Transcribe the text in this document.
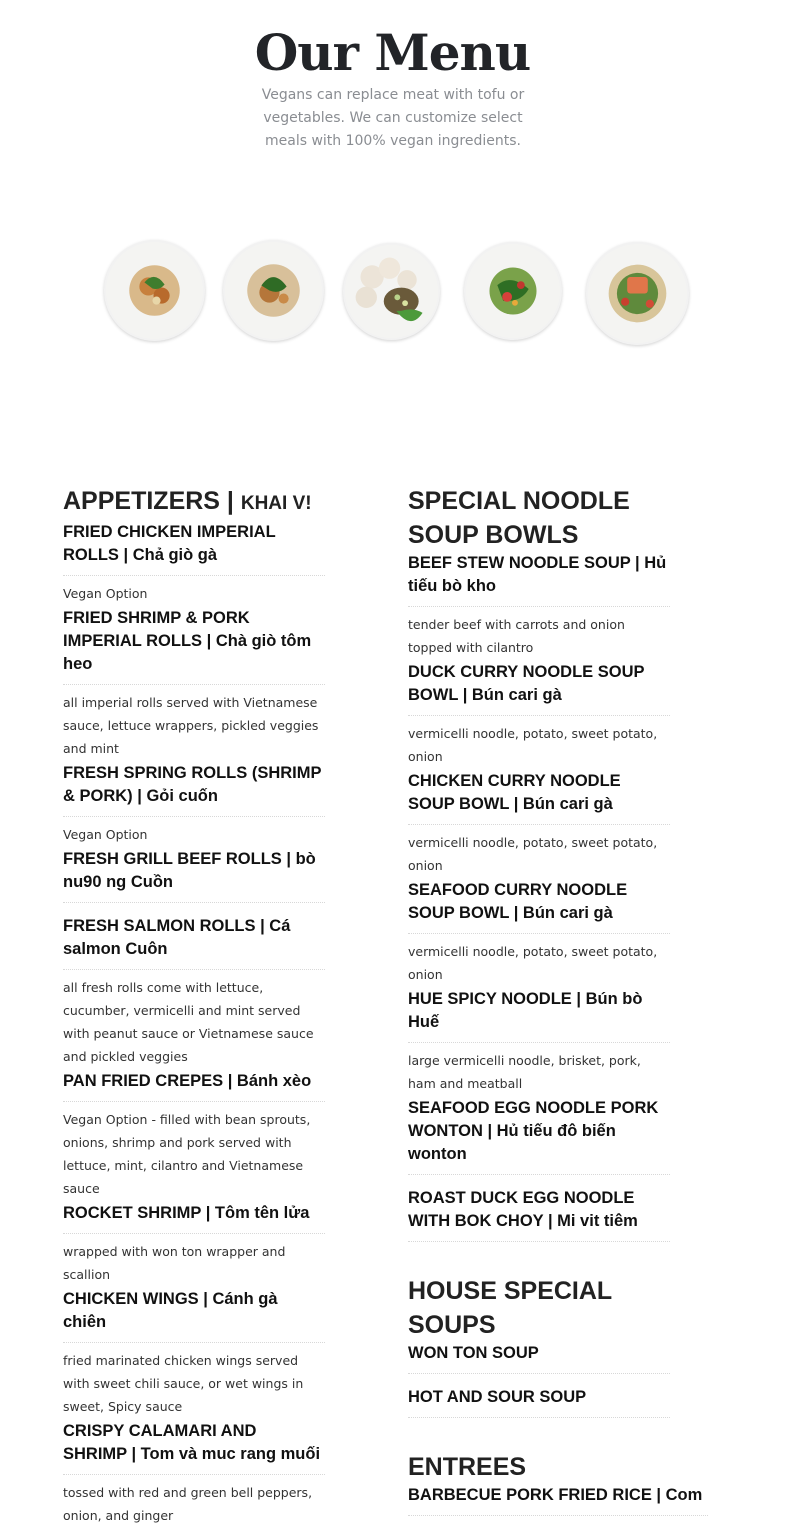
Our Menu

Vegans can replace meat with tofu or vegetables. We can customize select meals with 100% vegan ingredients.

APPETIZERS | KHAI V!

FRIED CHICKEN IMPERIAL ROLLS | Chả giò gà

Vegan Option

FRIED SHRIMP & PORK IMPERIAL ROLLS | Chà giò tôm heo

all imperial rolls served with Vietnamese sauce, lettuce wrappers, pickled veggies and mint

FRESH SPRING ROLLS (SHRIMP & PORK) | Gỏi cuốn

Vegan Option

FRESH GRILL BEEF ROLLS | bò nu90 ng Cuồn

FRESH SALMON ROLLS | Cá salmon Cuôn

all fresh rolls come with lettuce, cucumber, vermicelli and mint served with peanut sauce or Vietnamese sauce and pickled veggies

PAN FRIED CREPES | Bánh xèo

Vegan Option - filled with bean sprouts, onions, shrimp and pork served with lettuce, mint, cilantro and Vietnamese sauce

ROCKET SHRIMP | Tôm tên lửa

wrapped with won ton wrapper and scallion

CHICKEN WINGS | Cánh gà chiên

fried marinated chicken wings served with sweet chili sauce, or wet wings in sweet, Spicy sauce

CRISPY CALAMARI AND SHRIMP | Tom và muc rang muối

tossed with red and green bell peppers, onion, and ginger

SPECIAL NOODLE SOUP BOWLS

BEEF STEW NOODLE SOUP | Hủ tiếu bò kho

tender beef with carrots and onion topped with cilantro

DUCK CURRY NOODLE SOUP BOWL | Bún cari gà

vermicelli noodle, potato, sweet potato, onion

CHICKEN CURRY NOODLE SOUP BOWL | Bún cari gà

vermicelli noodle, potato, sweet potato, onion

SEAFOOD CURRY NOODLE SOUP BOWL | Bún cari gà

vermicelli noodle, potato, sweet potato, onion

HUE SPICY NOODLE | Bún bò Huế

large vermicelli noodle, brisket, pork, ham and meatball

SEAFOOD EGG NOODLE PORK WONTON | Hủ tiếu đô biến wonton

ROAST DUCK EGG NOODLE WITH BOK CHOY | Mi vit tiêm

HOUSE SPECIAL SOUPS

WON TON SOUP

HOT AND SOUR SOUP

ENTREES

BARBECUE PORK FRIED RICE | Com
